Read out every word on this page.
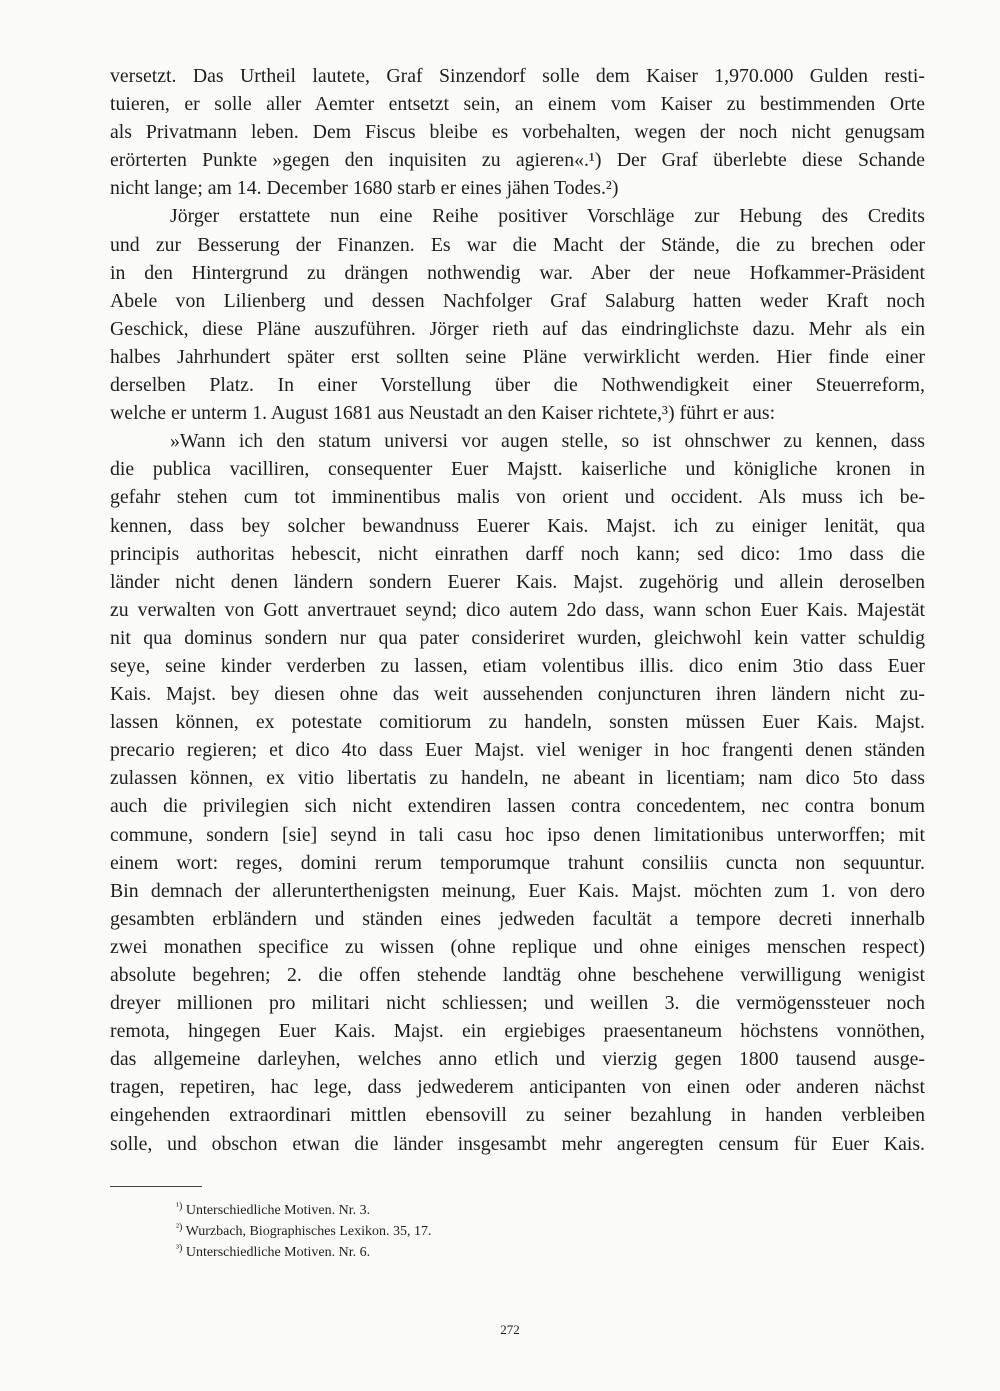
versetzt. Das Urtheil lautete, Graf Sinzendorf solle dem Kaiser 1,970.000 Gulden resti-
tuieren, er solle aller Aemter entsetzt sein, an einem vom Kaiser zu bestimmenden Orte
als Privatmann leben. Dem Fiscus bleibe es vorbehalten, wegen der noch nicht genugsam
erörterten Punkte »gegen den inquisiten zu agieren«.¹) Der Graf überlebte diese Schande
nicht lange; am 14. December 1680 starb er eines jähen Todes.²)
Jörger erstattete nun eine Reihe positiver Vorschläge zur Hebung des Credits
und zur Besserung der Finanzen. Es war die Macht der Stände, die zu brechen oder
in den Hintergrund zu drängen nothwendig war. Aber der neue Hofkammer-Präsident
Abele von Lilienberg und dessen Nachfolger Graf Salaburg hatten weder Kraft noch
Geschick, diese Pläne auszuführen. Jörger rieth auf das eindringlichste dazu. Mehr als ein
halbes Jahrhundert später erst sollten seine Pläne verwirklicht werden. Hier finde einer
derselben Platz. In einer Vorstellung über die Nothwendigkeit einer Steuerreform,
welche er unterm 1. August 1681 aus Neustadt an den Kaiser richtete,³) führt er aus:
»Wann ich den statum universi vor augen stelle, so ist ohnschwer zu kennen, dass
die publica vacilliren, consequenter Euer Majstt. kaiserliche und königliche kronen in
gefahr stehen cum tot imminentibus malis von orient und occident. Als muss ich be-
kennen, dass bey solcher bewandnuss Euerer Kais. Majst. ich zu einiger lenität, qua
principis authoritas hebescit, nicht einrathen darff noch kann; sed dico: 1mo dass die
länder nicht denen ländern sondern Euerer Kais. Majst. zugehörig und allein deroselben
zu verwalten von Gott anvertrauet seynd; dico autem 2do dass, wann schon Euer Kais. Majestät
nit qua dominus sondern nur qua pater consideriret wurden, gleichwohl kein vatter schuldig
seye, seine kinder verderben zu lassen, etiam volentibus illis. dico enim 3tio dass Euer
Kais. Majst. bey diesen ohne das weit aussehenden conjuncturen ihren ländern nicht zu-
lassen können, ex potestate comitiorum zu handeln, sonsten müssen Euer Kais. Majst.
precario regieren; et dico 4to dass Euer Majst. viel weniger in hoc frangenti denen ständen
zulassen können, ex vitio libertatis zu handeln, ne abeant in licentiam; nam dico 5to dass
auch die privilegien sich nicht extendiren lassen contra concedentem, nec contra bonum
commune, sondern [sie] seynd in tali casu hoc ipso denen limitationibus unterworffen; mit
einem wort: reges, domini rerum temporumque trahunt consiliis cuncta non sequuntur.
Bin demnach der allerunterthenigsten meinung, Euer Kais. Majst. möchten zum 1. von dero
gesambten erbländern und ständen eines jedweden facultät a tempore decreti innerhalb
zwei monathen specifice zu wissen (ohne replique und ohne einiges menschen respect)
absolute begehren; 2. die offen stehende landtäg ohne beschehene verwilligung wenigist
dreyer millionen pro militari nicht schliessen; und weillen 3. die vermögenssteuer noch
remota, hingegen Euer Kais. Majst. ein ergiebiges praesentaneum höchstens vonnöthen,
das allgemeine darleyhen, welches anno etlich und vierzig gegen 1800 tausend ausge-
tragen, repetiren, hac lege, dass jedwederem anticipanten von einen oder anderen nächst
eingehenden extraordinari mittlen ebensovill zu seiner bezahlung in handen verbleiben
solle, und obschon etwan die länder insgesambt mehr angeregten censum für Euer Kais.
$^{^1)}$ Unterschiedliche Motiven. Nr. 3.
$^{^2)}$ Wurzbach, Biographisches Lexikon. 35, 17.
$^{^3)}$ Unterschiedliche Motiven. Nr. 6.
272
